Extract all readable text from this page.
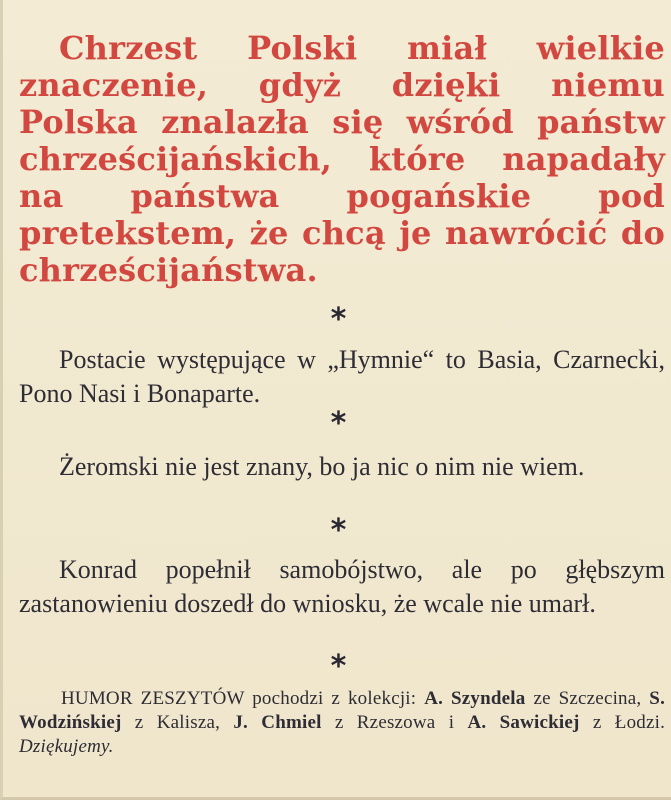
Chrzest Polski miał wielkie znaczenie, gdyż dzięki niemu Polska znalazła się wśród państw chrześcijańskich, które napadały na państwa pogańskie pod pretekstem, że chcą je nawrócić do chrześcijaństwa.

*

Postacie występujące w „Hymnie“ to Basia, Czarnecki, Pono Nasi i Bonaparte.

*

Żeromski nie jest znany, bo ja nic o nim nie wiem.

*

Konrad popełnił samobójstwo, ale po głębszym zastanowieniu doszedł do wniosku, że wcale nie umarł.

*

HUMOR ZESZYTÓW pochodzi z kolekcji: A. Szyndela ze Szczecina, S. Wodzińskiej z Kalisza, J. Chmiel z Rzeszowa i A. Sawickiej z Łodzi. Dziękujemy.
